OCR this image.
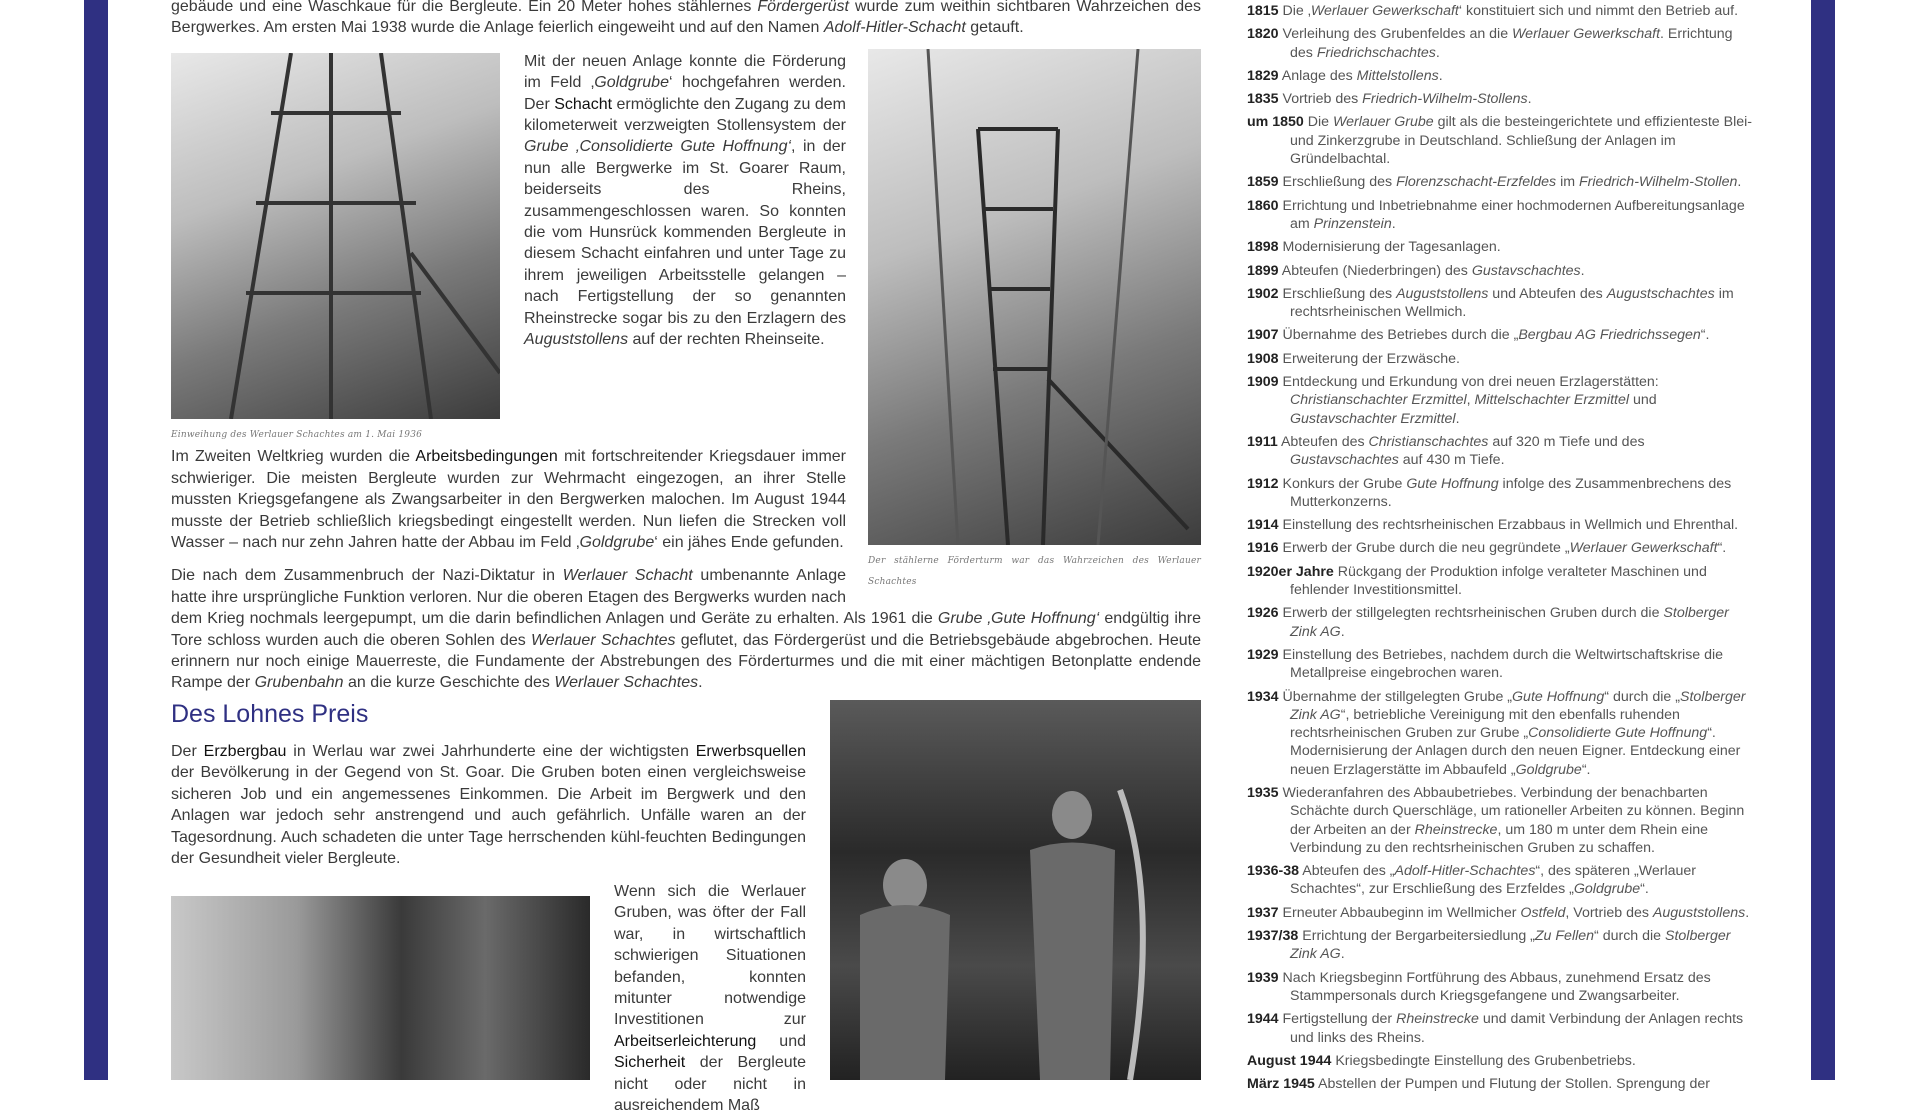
Der stählerne Förderturm war das Wahrzeichen des Werlauer Schachtes
Einweihung des Werlauer Schachtes am 1. Mai 1936

gebäude und eine Waschkaue für die Bergleute. Ein 20 Meter hohes stählernes Fördergerüst wurde zum weithin sichtbaren Wahrzeichen des Bergwerkes. Am ersten Mai 1938 wurde die Anlage feierlich eingeweiht und auf den Namen Adolf-Hitler-Schacht getauft.

Mit der neuen Anlage konnte die Förderung im Feld ‚Goldgrube‘ hochgefahren werden. Der Schacht ermöglichte den Zugang zu dem kilometerweit verzweigten Stollensystem der Grube ‚Consolidierte Gute Hoffnung‘, in der nun alle Bergwerke im St. Goarer Raum, beiderseits des Rheins, zusammengeschlossen waren. So konnten die vom Hunsrück kommenden Bergleute in diesem Schacht einfahren und unter Tage zu ihrem jeweiligen Arbeitsstelle gelangen – nach Fertigstellung der so genannten Rheinstrecke sogar bis zu den Erzlagern des Auguststollens auf der rechten Rheinseite.

Im Zweiten Weltkrieg wurden die Arbeitsbedingungen mit fortschreitender Kriegsdauer immer schwieriger. Die meisten Bergleute wurden zur Wehrmacht eingezogen, an ihrer Stelle mussten Kriegsgefangene als Zwangsarbeiter in den Bergwerken malochen. Im August 1944 musste der Betrieb schließlich kriegsbedingt eingestellt werden. Nun liefen die Strecken voll Wasser – nach nur zehn Jahren hatte der Abbau im Feld ‚Goldgrube‘ ein jähes Ende gefunden.

Die nach dem Zusammenbruch der Nazi-Diktatur in Werlauer Schacht umbenannte Anlage hatte ihre ursprüngliche Funktion verloren. Nur die oberen Etagen des Bergwerks wurden nach dem Krieg nochmals leergepumpt, um die darin befindlichen Anlagen und Geräte zu erhalten. Als 1961 die Grube ‚Gute Hoffnung‘ endgültig ihre Tore schloss wurden auch die oberen Sohlen des Werlauer Schachtes geflutet, das Fördergerüst und die Betriebsgebäude abgebrochen. Heute erinnern nur noch einige Mauerreste, die Fundamente der Abstrebungen des Förderturmes und die mit einer mächtigen Betonplatte endende Rampe der Grubenbahn an die kurze Geschichte des Werlauer Schachtes.

Des Lohnes Preis

Der Erzbergbau in Werlau war zwei Jahrhunderte eine der wichtigsten Erwerbsquellen der Bevölkerung in der Gegend von St. Goar. Die Gruben boten einen vergleichsweise sicheren Job und ein angemessenes Einkommen. Die Arbeit im Bergwerk und den Anlagen war jedoch sehr anstrengend und auch gefährlich. Unfälle waren an der Tagesordnung. Auch schadeten die unter Tage herrschenden kühl-feuchten Bedingungen der Gesundheit vieler Bergleute.

Wenn sich die Werlauer Gruben, was öfter der Fall war, in wirtschaftlich schwierigen Situationen befanden, konnten mitunter notwendige Investitionen zur Arbeitserleichterung und Sicherheit der Bergleute nicht oder nicht in ausreichendem Maß

1815 Die ‚Werlauer Gewerkschaft‘ konstituiert sich und nimmt den Betrieb auf.
1820 Verleihung des Grubenfeldes an die Werlauer Gewerkschaft. Errichtung des Friedrichschachtes.
1829 Anlage des Mittelstollens.
1835 Vortrieb des Friedrich-Wilhelm-Stollens.
um 1850 Die Werlauer Grube gilt als die besteingerichtete und effizienteste Blei- und Zinkerzgrube in Deutschland. Schließung der Anlagen im Gründelbachtal.
1859 Erschließung des Florenzschacht-Erzfeldes im Friedrich-Wilhelm-Stollen.
1860 Errichtung und Inbetriebnahme einer hochmodernen Aufbereitungsanlage am Prinzenstein.
1898 Modernisierung der Tagesanlagen.
1899 Abteufen (Niederbringen) des Gustavschachtes.
1902 Erschließung des Auguststollens und Abteufen des Augustschachtes im rechtsrheinischen Wellmich.
1907 Übernahme des Betriebes durch die „Bergbau AG Friedrichssegen“.
1908 Erweiterung der Erzwäsche.
1909 Entdeckung und Erkundung von drei neuen Erzlagerstätten: Christianschachter Erzmittel, Mittelschachter Erzmittel und Gustavschachter Erzmittel.
1911 Abteufen des Christianschachtes auf 320 m Tiefe und des Gustavschachtes auf 430 m Tiefe.
1912 Konkurs der Grube Gute Hoffnung infolge des Zusammenbrechens des Mutterkonzerns.
1914 Einstellung des rechtsrheinischen Erzabbaus in Wellmich und Ehrenthal.
1916 Erwerb der Grube durch die neu gegründete „Werlauer Gewerkschaft“.
1920er Jahre Rückgang der Produktion infolge veralteter Maschinen und fehlender Investitionsmittel.
1926 Erwerb der stillgelegten rechtsrheinischen Gruben durch die Stolberger Zink AG.
1929 Einstellung des Betriebes, nachdem durch die Weltwirtschaftskrise die Metallpreise eingebrochen waren.
1934 Übernahme der stillgelegten Grube „Gute Hoffnung“ durch die „Stolberger Zink AG“, betriebliche Vereinigung mit den ebenfalls ruhenden rechtsrheinischen Gruben zur Grube „Consolidierte Gute Hoffnung“. Modernisierung der Anlagen durch den neuen Eigner. Entdeckung einer neuen Erzlagerstätte im Abbaufeld „Goldgrube“.
1935 Wiederanfahren des Abbaubetriebes. Verbindung der benachbarten Schächte durch Querschläge, um rationeller Arbeiten zu können. Beginn der Arbeiten an der Rheinstrecke, um 180 m unter dem Rhein eine Verbindung zu den rechtsrheinischen Gruben zu schaffen.
1936-38 Abteufen des „Adolf-Hitler-Schachtes“, des späteren „Werlauer Schachtes“, zur Erschließung des Erzfeldes „Goldgrube“.
1937 Erneuter Abbaubeginn im Wellmicher Ostfeld, Vortrieb des Auguststollens.
1937/38 Errichtung der Bergarbeitersiedlung „Zu Fellen“ durch die Stolberger Zink AG.
1939 Nach Kriegsbeginn Fortführung des Abbaus, zunehmend Ersatz des Stammpersonals durch Kriegsgefangene und Zwangsarbeiter.
1944 Fertigstellung der Rheinstrecke und damit Verbindung der Anlagen rechts und links des Rheins.
August 1944 Kriegsbedingte Einstellung des Grubenbetriebs.
März 1945 Abstellen der Pumpen und Flutung der Stollen. Sprengung der
